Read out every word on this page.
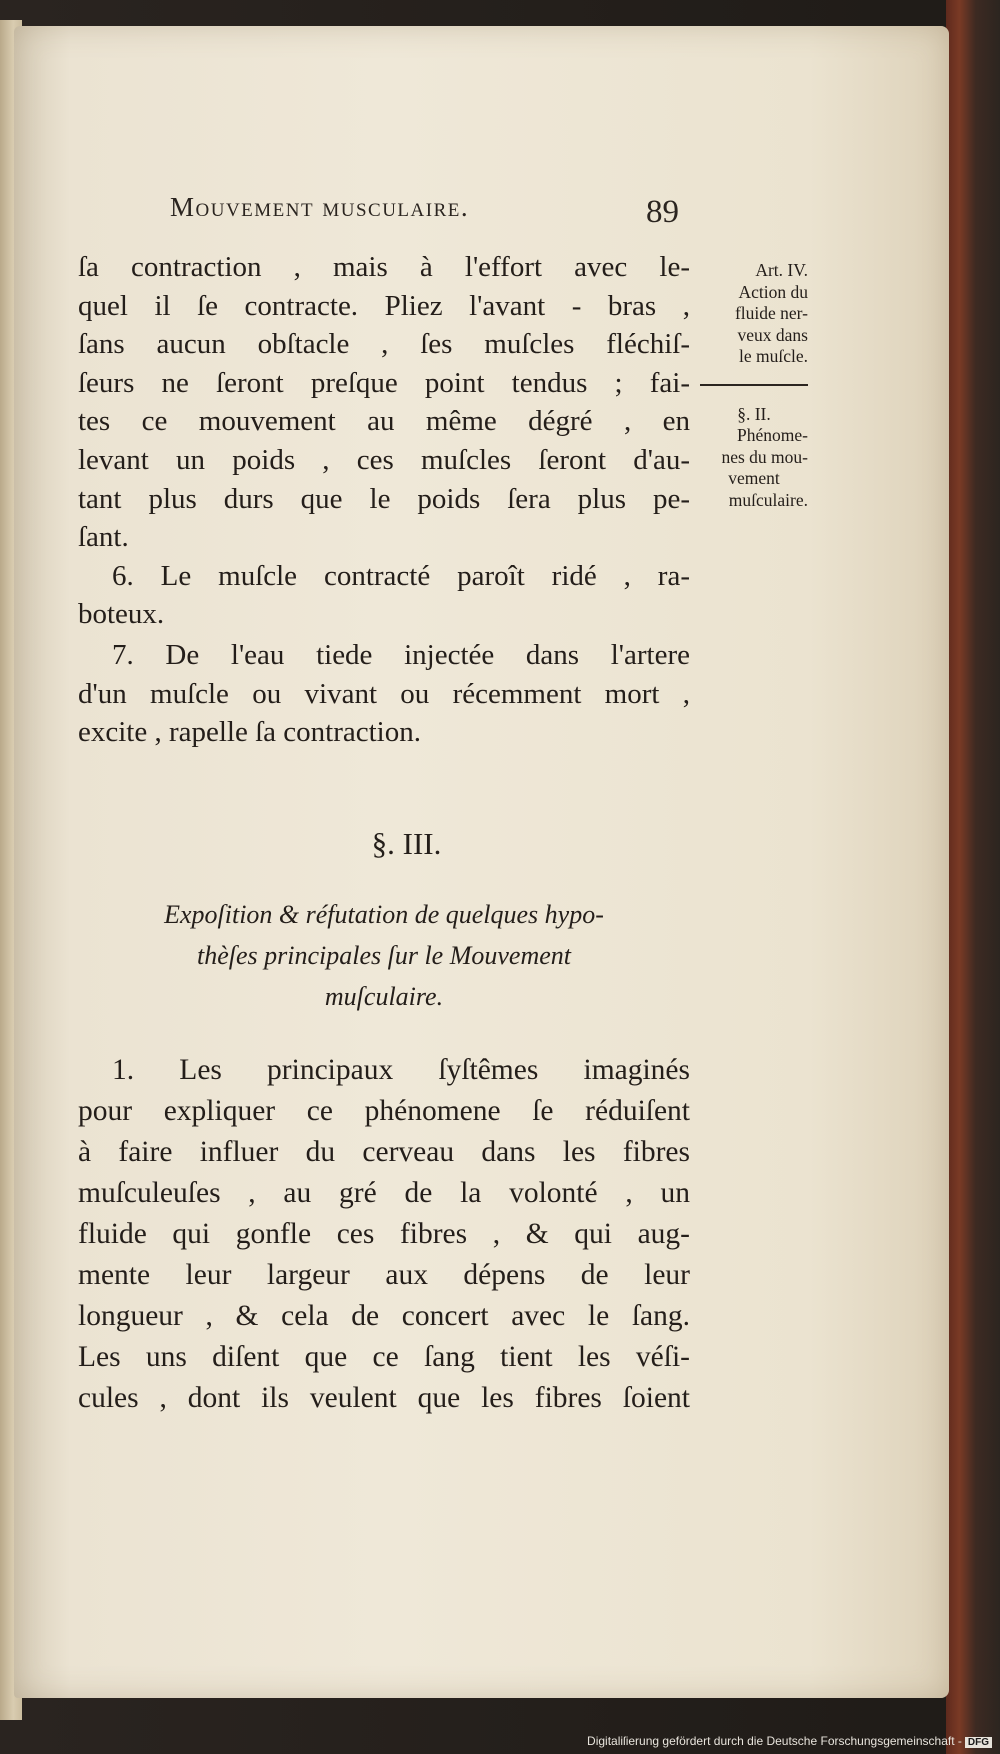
Mouvement musculaire.	89
ſa contraction , mais à l'effort avec le-
quel il ſe contracte. Pliez l'avant - bras ,
ſans aucun obſtacle , ſes muſcles fléchiſ-
ſeurs ne ſeront preſque point tendus ; fai-
tes ce mouvement au même dégré , en
levant un poids , ces muſcles ſeront d'au-
tant plus durs que le poids ſera plus pe-
ſant.
6. Le muſcle contracté paroît ridé , ra-
boteux.
7. De l'eau tiede injectée dans l'artere
d'un muſcle ou vivant ou récemment mort ,
excite , rapelle ſa contraction.
Art. IV.
Action du
fluide ner-
veux dans
le muſcle.
§. II.
Phénome-
nes du mou-
vement
muſculaire.
§. III.
Expoſition & réfutation de quelques hypo-
thèſes principales ſur le Mouvement
muſculaire.
1. Les principaux ſyſtêmes imaginés
pour expliquer ce phénomene ſe réduiſent
à faire influer du cerveau dans les fibres
muſculeuſes , au gré de la volonté , un
fluide qui gonfle ces fibres , & qui aug-
mente leur largeur aux dépens de leur
longueur , & cela de concert avec le ſang.
Les uns diſent que ce ſang tient les véſi-
cules , dont ils veulent que les fibres ſoient
Digitaliſierung gefördert durch die Deutsche Forschungsgemeinschaft - DFG
